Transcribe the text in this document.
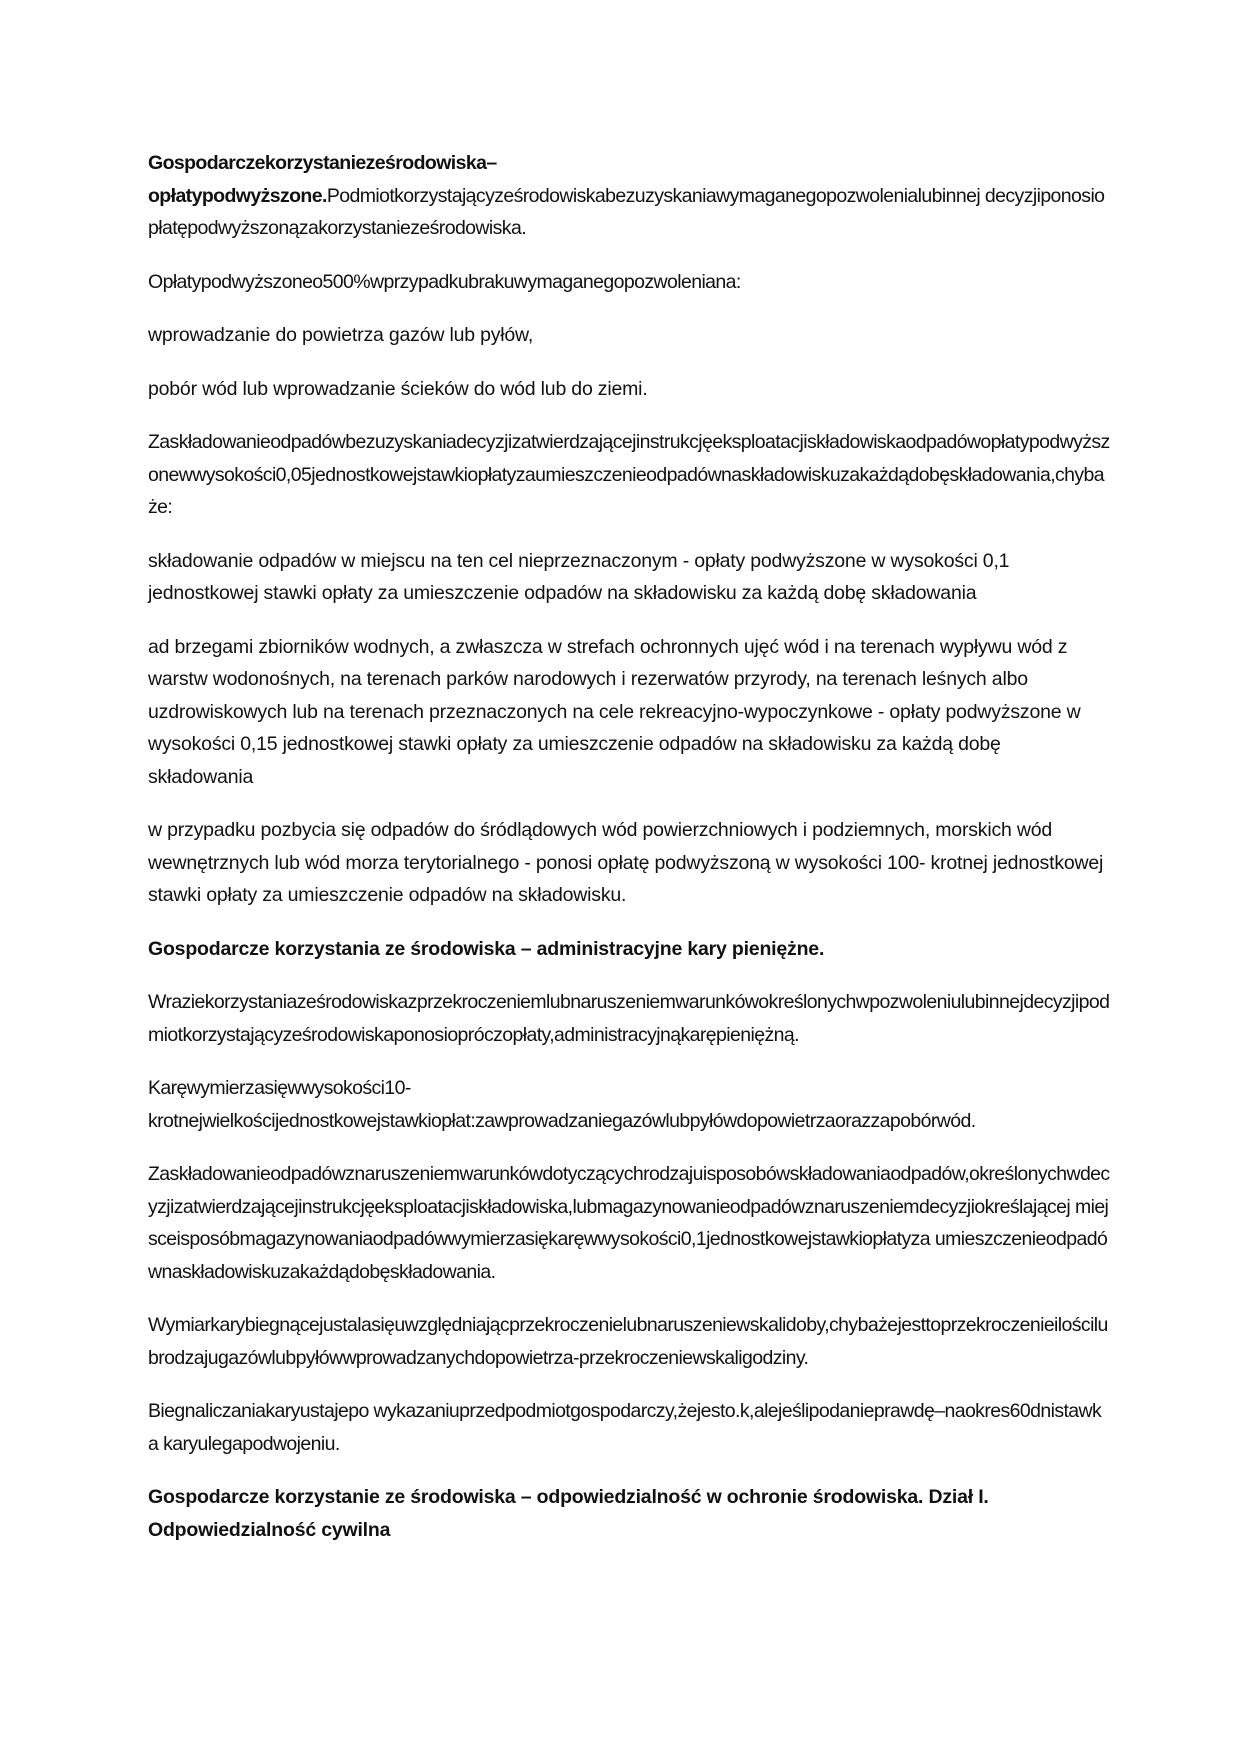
Gospodarczekorzystanieześrodowiska–
opłatypodwyższone.Podmiotkorzystającyześrodowiskabezuzyskaniawymaganegopozwolenialubinnej decyzjiponosiopłatępodwyższonązakorzystanieześrodowiska.

Opłatypodwyższoneo500%wprzypadkubrakuwymaganegopozwoleniana:

wprowadzanie do powietrza gazów lub pyłów,

pobór wód lub wprowadzanie ścieków do wód lub do ziemi.

Zaskładowanieodpadówbezuzyskaniadecyzjizatwierdzającejinstrukcjęeksploatacjiskładowiskaodpadówopłatypodwyższonewwysokości0,05jednostkowejstawkiopłatyzaumieszczenieodpadównaskładowiskuzakażdądobęskładowania,chybaże:

składowanie odpadów w miejscu na ten cel nieprzeznaczonym - opłaty podwyższone w wysokości 0,1 jednostkowej stawki opłaty za umieszczenie odpadów na składowisku za każdą dobę składowania

ad brzegami zbiorników wodnych, a zwłaszcza w strefach ochronnych ujęć wód i na terenach wypływu wód z warstw wodonośnych, na terenach parków narodowych i rezerwatów przyrody, na terenach leśnych albo uzdrowiskowych lub na terenach przeznaczonych na cele rekreacyjno-wypoczynkowe - opłaty podwyższone w wysokości 0,15 jednostkowej stawki opłaty za umieszczenie odpadów na składowisku za każdą dobę składowania

w przypadku pozbycia się odpadów do śródlądowych wód powierzchniowych i podziemnych, morskich wód wewnętrznych lub wód morza terytorialnego - ponosi opłatę podwyższoną w wysokości 100- krotnej jednostkowej stawki opłaty za umieszczenie odpadów na składowisku.

Gospodarcze korzystania ze środowiska – administracyjne kary pieniężne.

Wraziekorzystaniaześrodowiskazprzekroczeniemlubnaruszeniemwarunkówokreślonychwpozwoleniulubinnejdecyzjipodmiotkorzystającyześrodowiskaponosiopróczopłaty,administracyjnąkarępieniężną.

Karęwymierzasięwwysokości10-
krotnejwielkościjednostkowejstawkiopłat:zawprowadzaniegazówlubpyłówdopowietrzaorazzapobórwód.

Zaskładowanieodpadówznaruszeniemwarunkówdotyczącychrodzajuisposobówskładowaniaodpadów,określonychwdecyzjizatwierdzającejinstrukcjęeksploatacjiskładowiska,lubmagazynowanieodpadówznaruszeniemdecyzjiokreślającej miejsceisposóbmagazynowaniaodpadówwymierzasiękaręwwysokości0,1jednostkowejstawkiopłatyza umieszczenieodpadównaskładowiskuzakażdądobęskładowania.

Wymiarkarybiegnącejustalasięuwzględniającprzekroczenielubnaruszeniewskalidoby,chybażejesttoprzekroczenieilościlubrodzajugazówlubpyłówwprowadzanychdopowietrza-przekroczeniewskaligodziny.

Biegnaliczaniakaryustajepo wykazaniuprzedpodmiotgospodarczy,żejesto.k,alejeślipodanieprawdę–naokres60dnistawka karyulegapodwojeniu.

Gospodarcze korzystanie ze środowiska – odpowiedzialność w ochronie środowiska. Dział I.
Odpowiedzialność cywilna
